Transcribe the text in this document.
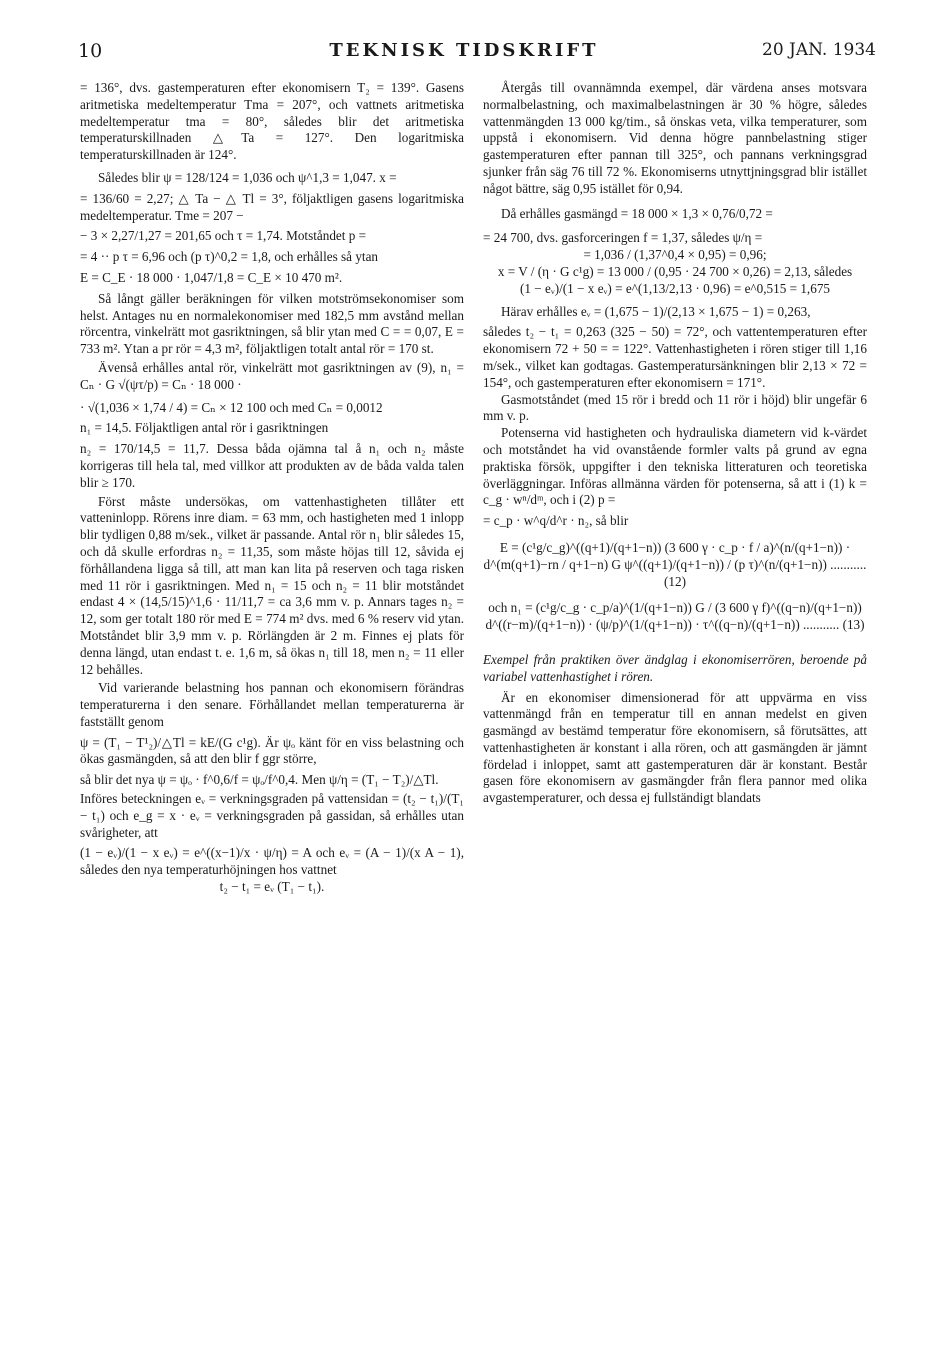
10	TEKNISK TIDSKRIFT	20 JAN. 1934

= 136°, dvs. gastemperaturen efter ekonomisern T₂ = 139°. Gasens aritmetiska medeltemperatur Tma = 207°, och vattnets aritmetiska medeltemperatur tma = 80°, således blir det aritmetiska temperaturskillnaden △Ta = 127°. Den logaritmiska temperaturskillnaden är 124°.

Således blir ψ = 128/124 = 1,036 och ψ^1,3 = 1,047. x =

= 136/60 = 2,27; △ Ta − △ Tl = 3°, följaktligen gasens logaritmiska medeltemperatur. Tme = 207 −

− 3 × 2,27/1,27 = 201,65 och τ = 1,74. Motståndet p =

= 4 ·· p τ = 6,96 och (p τ)^0,2 = 1,8, och erhålles så ytan

E = C_E · 18 000 · 1,047/1,8 = C_E × 10 470 m².

Så långt gäller beräkningen för vilken motströmsekonomiser som helst. Antages nu en normalekonomiser med 182,5 mm avstånd mellan rörcentra, vinkelrätt mot gasriktningen, så blir ytan med C = = 0,07, E = 733 m². Ytan a pr rör = 4,3 m², följaktligen totalt antal rör = 170 st.

Ävenså erhålles antal rör, vinkelrätt mot gasriktningen av (9), n₁ = Cₙ · G √(ψτ/p) = Cₙ · 18 000 ·

· √(1,036 × 1,74 / 4) = Cₙ × 12 100 och med Cₙ = 0,0012

n₁ = 14,5. Följaktligen antal rör i gasriktningen

n₂ = 170/14,5 = 11,7. Dessa båda ojämna tal å n₁ och n₂ måste korrigeras till hela tal, med villkor att produkten av de båda valda talen blir ≥ 170.

Först måste undersökas, om vattenhastigheten tillåter ett vatteninlopp. Rörens inre diam. = 63 mm, och hastigheten med 1 inlopp blir tydligen 0,88 m/sek., vilket är passande. Antal rör n₁ blir således 15, och då skulle erfordras n₂ = 11,35, som måste höjas till 12, såvida ej förhållandena ligga så till, att man kan lita på reserven och taga risken med 11 rör i gasriktningen. Med n₁ = 15 och n₂ = 11 blir motståndet endast 4 × (14,5/15)^1,6 · 11/11,7 = ca 3,6 mm v. p. Annars tages n₂ = 12, som ger totalt 180 rör med E = 774 m² dvs. med 6 % reserv vid ytan. Motståndet blir 3,9 mm v. p. Rörlängden är 2 m. Finnes ej plats för denna längd, utan endast t. e. 1,6 m, så ökas n₁ till 18, men n₂ = 11 eller 12 behålles.

Vid varierande belastning hos pannan och ekonomisern förändras temperaturerna i den senare. Förhållandet mellan temperaturerna är fastställt genom

ψ = (T₁ − T¹₂)/△Tl = kE/(G c¹g). Är ψₒ känt för en viss belastning och ökas gasmängden, så att den blir f ggr större,

så blir det nya ψ = ψₒ · f^0,6/f = ψₒ/f^0,4. Men ψ/η = (T₁ − T₂)/△Tl.

Införes beteckningen eᵥ = verkningsgraden på vattensidan = (t₂ − t₁)/(T₁ − t₁) och e_g = x · eᵥ = verkningsgraden på gassidan, så erhålles utan svårigheter, att

(1 − eᵥ)/(1 − x eᵥ) = e^((x−1)/x · ψ/η) = A och eᵥ = (A − 1)/(x A − 1), således den nya temperaturhöjningen hos vattnet

t₂ − t₁ = eᵥ (T₁ − t₁).

Återgås till ovannämnda exempel, där värdena anses motsvara normalbelastning, och maximalbelastningen är 30 % högre, således vattenmängden 13 000 kg/tim., så önskas veta, vilka temperaturer, som uppstå i ekonomisern. Vid denna högre pannbelastning stiger gastemperaturen efter pannan till 325°, och pannans verkningsgrad sjunker från säg 76 till 72 %. Ekonomiserns utnyttjningsgrad blir istället något bättre, säg 0,95 istället för 0,94.

Då erhålles gasmängd = 18 000 × 1,3 × 0,76/0,72 =

= 24 700, dvs. gasforceringen f = 1,37, således ψ/η =

= 1,036 / (1,37^0,4 × 0,95) = 0,96;

x = V / (η · G c¹g) = 13 000 / (0,95 · 24 700 × 0,26) = 2,13, således

(1 − eᵥ)/(1 − x eᵥ) = e^(1,13/2,13 · 0,96) = e^0,515 = 1,675

Härav erhålles eᵥ = (1,675 − 1)/(2,13 × 1,675 − 1) = 0,263,

således t₂ − t₁ = 0,263 (325 − 50) = 72°, och vattentemperaturen efter ekonomisern 72 + 50 = = 122°. Vattenhastigheten i rören stiger till 1,16 m/sek., vilket kan godtagas. Gastemperatursänkningen blir 2,13 × 72 = 154°, och gastemperaturen efter ekonomisern = 171°.

Gasmotståndet (med 15 rör i bredd och 11 rör i höjd) blir ungefär 6 mm v. p.

Potenserna vid hastigheten och hydrauliska diametern vid k-värdet och motståndet ha vid ovanstående formler valts på grund av egna praktiska försök, uppgifter i den tekniska litteraturen och teoretiska överläggningar. Införas allmänna värden för potenserna, så att i (1) k = c_g · wⁿ/dᵐ, och i (2) p =

= c_p · w^q/d^r · n₂, så blir

E = (c¹g/c_g)^((q+1)/(q+1−n)) (3 600 γ · c_p · f / a)^(n/(q+1−n)) · d^(m(q+1)−rn / q+1−n) G ψ^((q+1)/(q+1−n)) / (p τ)^(n/(q+1−n)) ........... (12)

och n₁ = (c¹g/c_g · c_p/a)^(1/(q+1−n)) G / (3 600 γ f)^((q−n)/(q+1−n)) d^((r−m)/(q+1−n)) · (ψ/p)^(1/(q+1−n)) · τ^((q−n)/(q+1−n)) ........... (13)

Exempel från praktiken över ändglag i ekonomiserrören, beroende på variabel vattenhastighet i rören.

Är en ekonomiser dimensionerad för att uppvärma en viss vattenmängd från en temperatur till en annan medelst en given gasmängd av bestämd temperatur före ekonomisern, så förutsättes, att vattenhastigheten är konstant i alla rören, och att gasmängden är jämnt fördelad i inloppet, samt att gastemperaturen där är konstant. Består gasen före ekonomisern av gasmängder från flera pannor med olika avgastemperaturer, och dessa ej fullständigt blandats
